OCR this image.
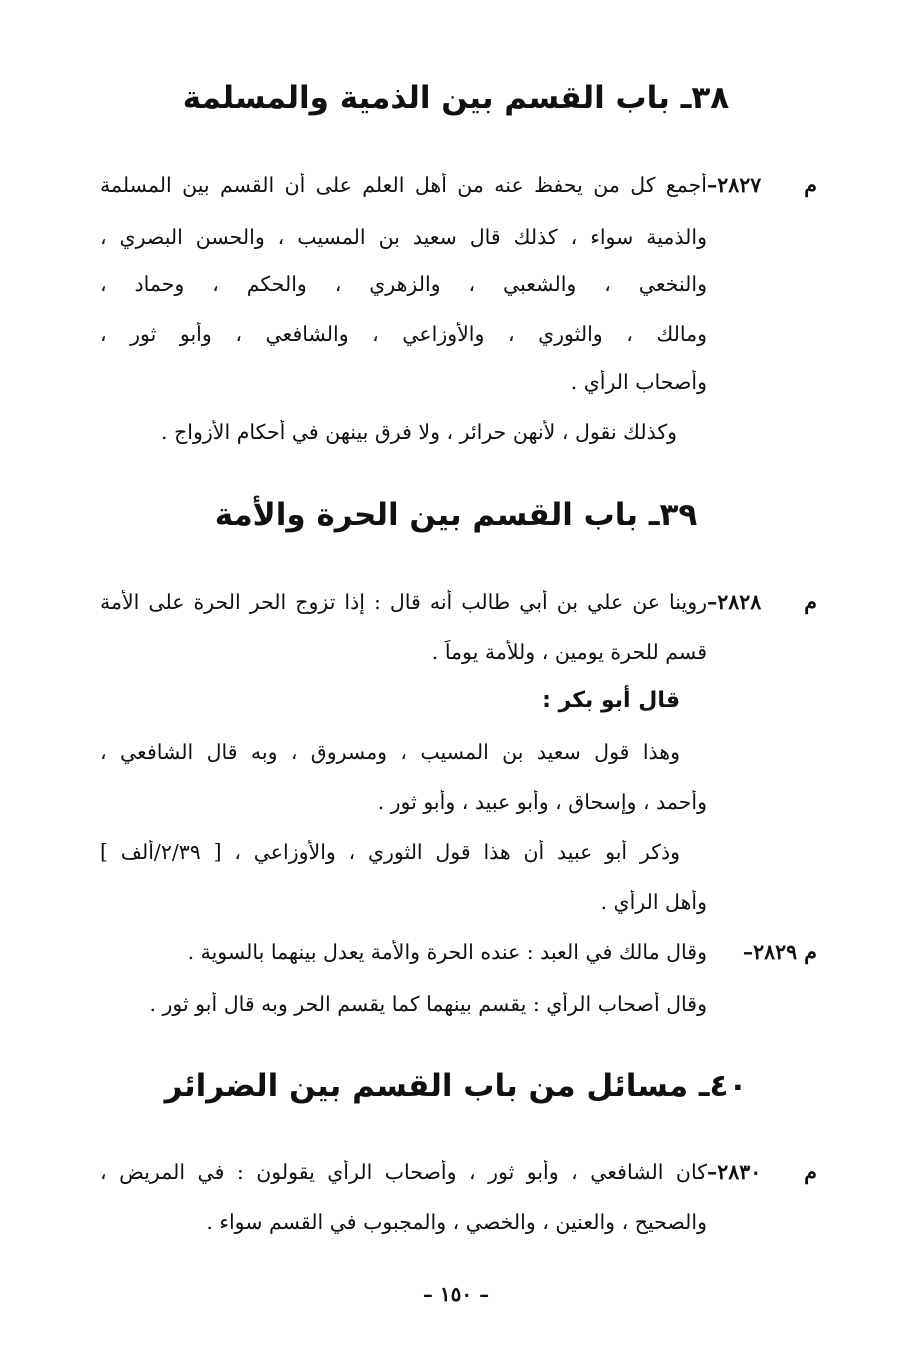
٣٨ـ باب القسم بين الذمية والمسلمة
م ٢٨٢٧–أجمع كل من يحفظ عنه من أهل العلم على أن القسم بين المسلمة
والذمية سواء ، كذلك قال سعيد بن المسيب ، والحسن البصري ،
والنخعي ، والشعبي ، والزهري ، والحكم ، وحماد ،
ومالك ، والثوري ، والأوزاعي ، والشافعي ، وأبو ثور ،
وأصحاب الرأي .
وكذلك نقول ، لأنهن حرائر ، ولا فرق بينهن في أحكام الأزواج .
٣٩ـ باب القسم بين الحرة والأمة
م ٢٨٢٨–روينا عن علي بن أبي طالب أنه قال : إذا تزوج الحر الحرة على الأمة
قسم للحرة يومين ، وللأمة يوماً .
قال أبو بكر :
وهذا قول سعيد بن المسيب ، ومسروق ، وبه قال الشافعي ،
وأحمد ، وإسحاق ، وأبو عبيد ، وأبو ثور .
وذكر أبو عبيد أن هذا قول الثوري ، والأوزاعي ، [ ٢/٣٩/ألف ]
وأهل الرأي .
م ٢٨٢٩–وقال مالك في العبد : عنده الحرة والأمة يعدل بينهما بالسوية .
وقال أصحاب الرأي : يقسم بينهما كما يقسم الحر وبه قال أبو ثور .
٤٠ـ مسائل من باب القسم بين الضرائر
م ٢٨٣٠–كان الشافعي ، وأبو ثور ، وأصحاب الرأي يقولون : في المريض ،
والصحيح ، والعنين ، والخصي ، والمجبوب في القسم سواء .
– ١٥٠ –
